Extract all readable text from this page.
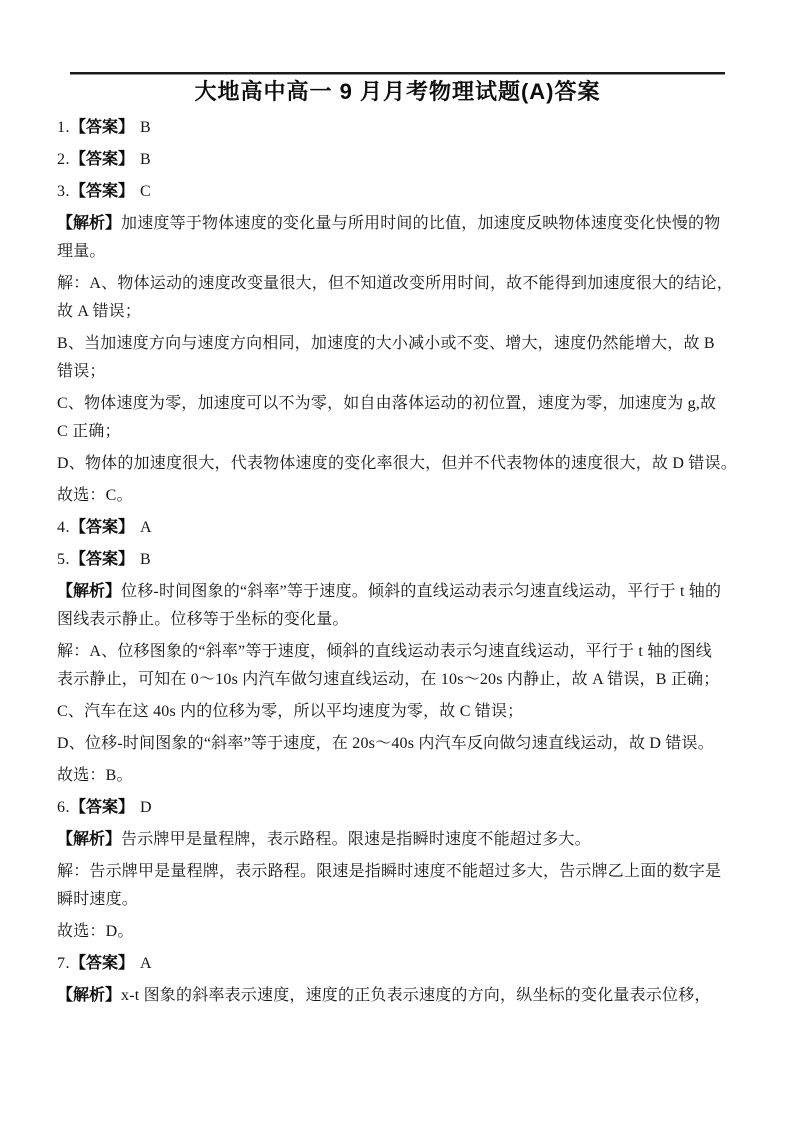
大地高中高一 9 月月考物理试题(A)答案
1.【答案】 B
2.【答案】 B
3.【答案】 C
【解析】加速度等于物体速度的变化量与所用时间的比值，加速度反映物体速度变化快慢的物
理量。
解：A、物体运动的速度改变量很大，但不知道改变所用时间，故不能得到加速度很大的结论，
故 A 错误；
B、当加速度方向与速度方向相同，加速度的大小减小或不变、增大，速度仍然能增大，故 B
错误；
C、物体速度为零，加速度可以不为零，如自由落体运动的初位置，速度为零，加速度为 g,故
C 正确；
D、物体的加速度很大，代表物体速度的变化率很大，但并不代表物体的速度很大，故 D 错误。
故选：C。
4.【答案】 A
5.【答案】 B
【解析】位移-时间图象的“斜率”等于速度。倾斜的直线运动表示匀速直线运动，平行于 t 轴的
图线表示静止。位移等于坐标的变化量。
解：A、位移图象的“斜率”等于速度，倾斜的直线运动表示匀速直线运动，平行于 t 轴的图线
表示静止，可知在 0～10s 内汽车做匀速直线运动，在 10s～20s 内静止，故 A 错误，B 正确；
C、汽车在这 40s 内的位移为零，所以平均速度为零，故 C 错误；
D、位移-时间图象的“斜率”等于速度，在 20s～40s 内汽车反向做匀速直线运动，故 D 错误。
故选：B。
6.【答案】 D
【解析】告示牌甲是量程牌，表示路程。限速是指瞬时速度不能超过多大。
解：告示牌甲是量程牌，表示路程。限速是指瞬时速度不能超过多大，告示牌乙上面的数字是
瞬时速度。
故选：D。
7.【答案】 A
【解析】x-t 图象的斜率表示速度，速度的正负表示速度的方向，纵坐标的变化量表示位移，
